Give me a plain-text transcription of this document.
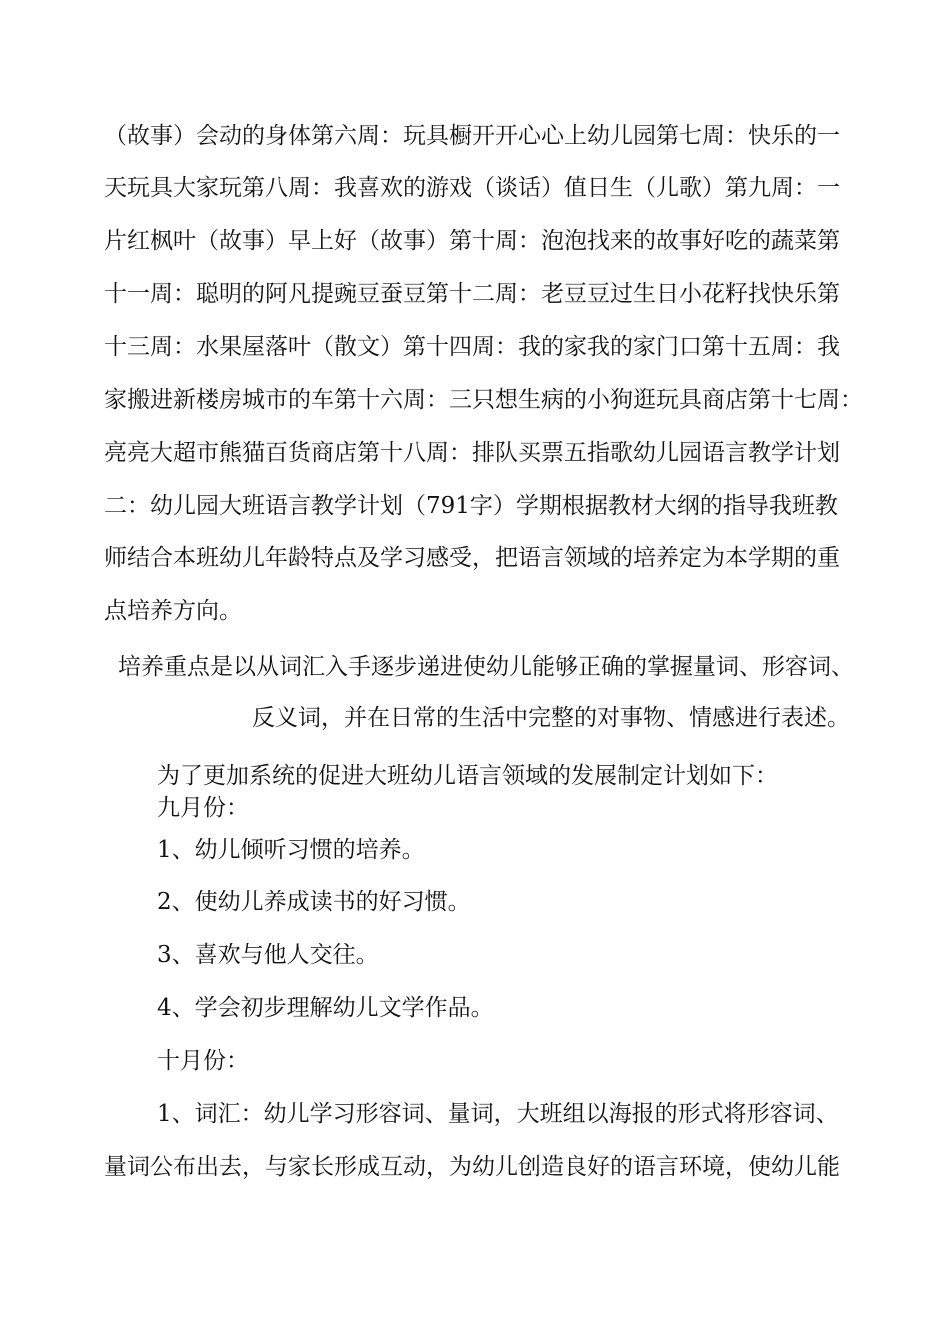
（故事）会动的身体第六周：玩具橱开开心心上幼儿园第七周：快乐的一
天玩具大家玩第八周：我喜欢的游戏（谈话）值日生（儿歌）第九周：一
片红枫叶（故事）早上好（故事）第十周：泡泡找来的故事好吃的蔬菜第
十一周：聪明的阿凡提豌豆蚕豆第十二周：老豆豆过生日小花籽找快乐第
十三周：水果屋落叶（散文）第十四周：我的家我的家门口第十五周：我
家搬进新楼房城市的车第十六周：三只想生病的小狗逛玩具商店第十七周：
亮亮大超市熊猫百货商店第十八周：排队买票五指歌幼儿园语言教学计划
二：幼儿园大班语言教学计划（791字）学期根据教材大纲的指导我班教
师结合本班幼儿年龄特点及学习感受，把语言领域的培养定为本学期的重
点培养方向。
培养重点是以从词汇入手逐步递进使幼儿能够正确的掌握量词、形容词、
反义词，并在日常的生活中完整的对事物、情感进行表述。
为了更加系统的促进大班幼儿语言领域的发展制定计划如下：
九月份：
1、幼儿倾听习惯的培养。
2、使幼儿养成读书的好习惯。
3、喜欢与他人交往。
4、学会初步理解幼儿文学作品。
十月份：
1、词汇：幼儿学习形容词、量词，大班组以海报的形式将形容词、
量词公布出去，与家长形成互动，为幼儿创造良好的语言环境，使幼儿能
